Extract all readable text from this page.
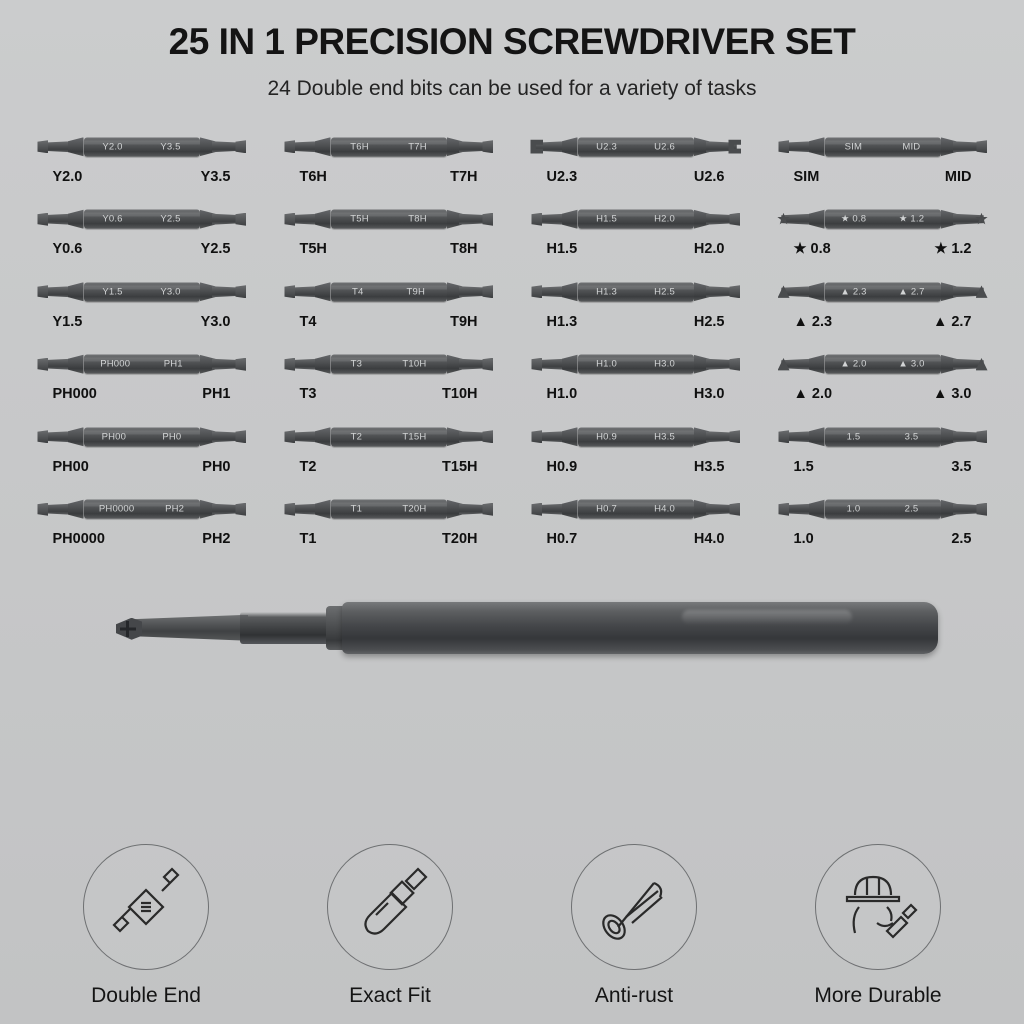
25 IN 1 PRECISION SCREWDRIVER SET
24 Double end bits can be used for a variety of tasks
Y2.0	Y3.5
Y2.0	Y3.5
T6H	T7H
T6H	T7H
U2.3	U2.6
U2.3	U2.6
SIM	MID
SIM	MID
Y0.6	Y2.5
Y0.6	Y2.5
T5H	T8H
T5H	T8H
H1.5	H2.0
H1.5	H2.0
★ 0.8	★ 1.2
★ 0.8	★ 1.2
Y1.5	Y3.0
Y1.5	Y3.0
T4	T9H
T4	T9H
H1.3	H2.5
H1.3	H2.5
▲ 2.3	▲ 2.7
▲ 2.3	▲ 2.7
PH000	PH1
PH000	PH1
T3	T10H
T3	T10H
H1.0	H3.0
H1.0	H3.0
▲ 2.0	▲ 3.0
▲ 2.0	▲ 3.0
PH00	PH0
PH00	PH0
T2	T15H
T2	T15H
H0.9	H3.5
H0.9	H3.5
1.5	3.5
1.5	3.5
PH0000	PH2
PH0000	PH2
T1	T20H
T1	T20H
H0.7	H4.0
H0.7	H4.0
1.0	2.5
1.0	2.5
Double End	Exact Fit	Anti-rust	More Durable
